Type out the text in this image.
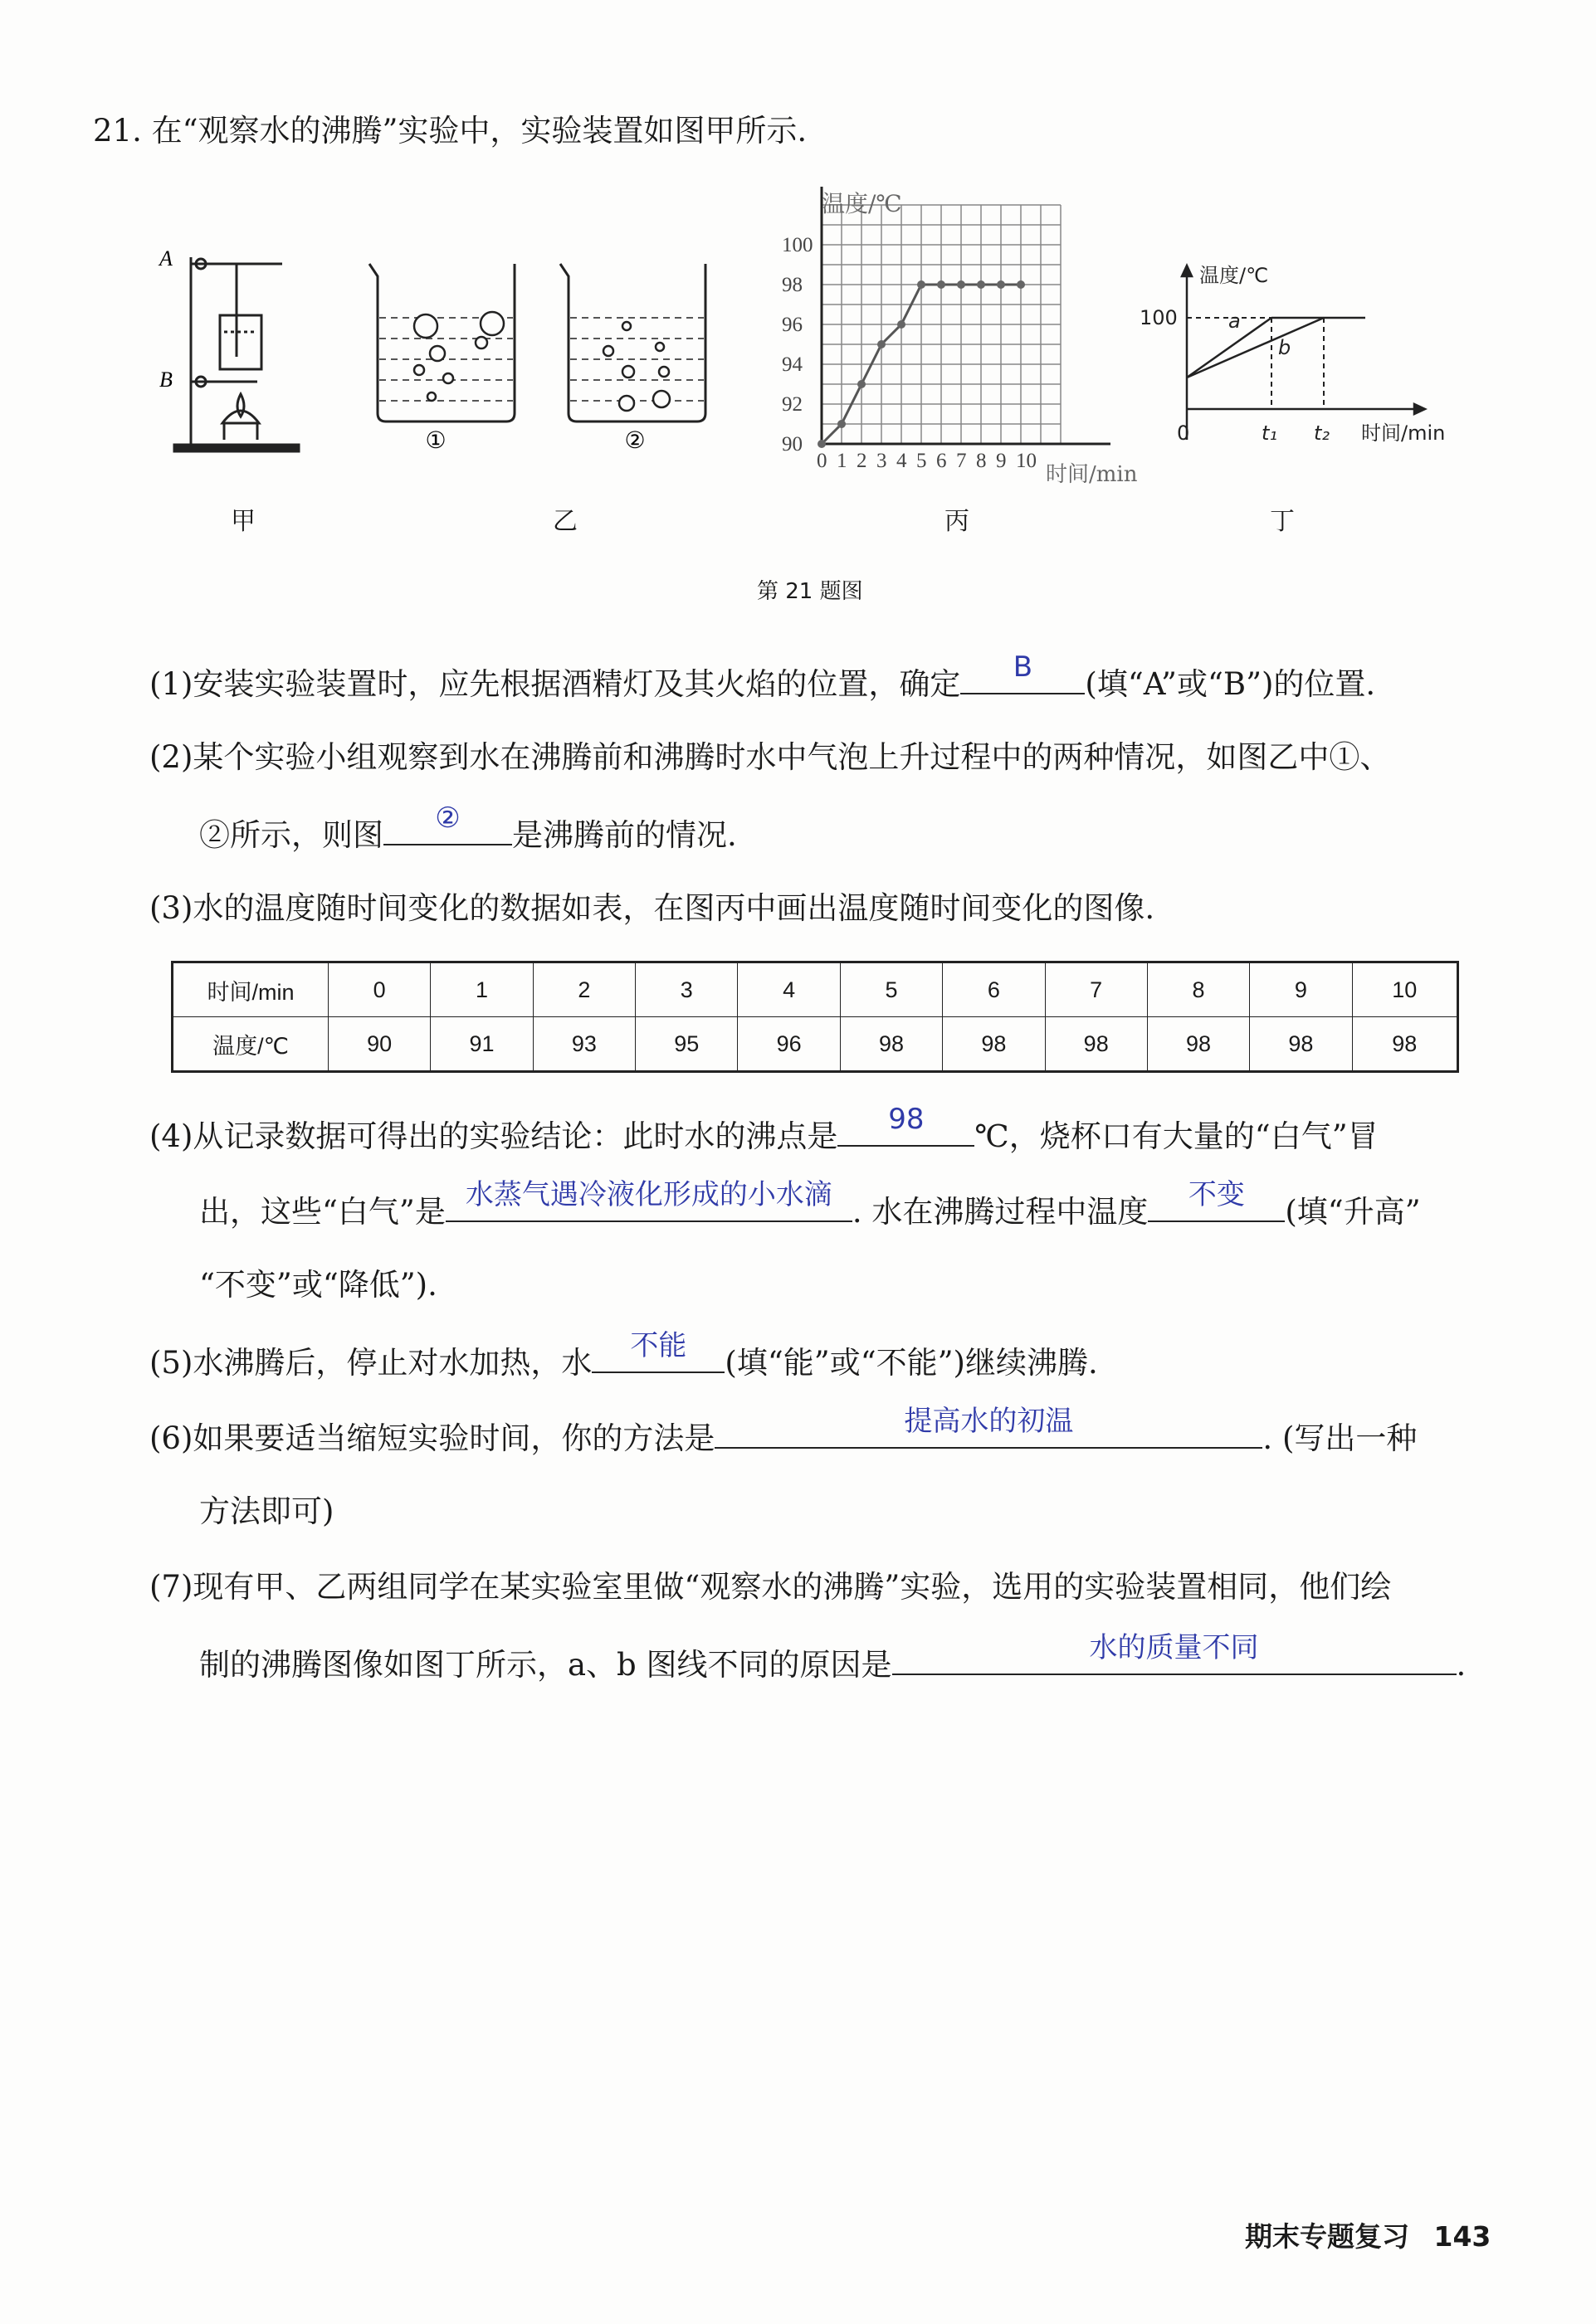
21. 在“观察水的沸腾”实验中，实验装置如图甲所示.
A
B
①	②
0 1 2 3 4 5 6 7 8 9 10
90
92
94
96
98
100
温度/℃
时间/min
温度/℃
100
0	t₁ t₂ 时间/min
a
b
甲	乙	丙	丁
第 21 题图
(1)安装实验装置时，应先根据酒精灯及其火焰的位置，确定	B	(填“A”或“B”)的位置.
(2)某个实验小组观察到水在沸腾前和沸腾时水中气泡上升过程中的两种情况，如图乙中①、
②所示，则图	②	是沸腾前的情况.
(3)水的温度随时间变化的数据如表，在图丙中画出温度随时间变化的图像.
时间/min	0	1	2	3	4	5	6	7	8	9	10
温度/℃	90	91	93	95	96	98	98	98	98	98	98
(4)从记录数据可得出的实验结论：此时水的沸点是	98	℃，烧杯口有大量的“白气”冒
出，这些“白气”是 水蒸气遇冷液化形成的小水滴 . 水在沸腾过程中温度	不变	(填“升高”
“不变”或“降低”).
(5)水沸腾后，停止对水加热，水	不能	(填“能”或“不能”)继续沸腾.
(6)如果要适当缩短实验时间，你的方法是	提高水的初温	. (写出一种
方法即可)
(7)现有甲、乙两组同学在某实验室里做“观察水的沸腾”实验，选用的实验装置相同，他们绘
制的沸腾图像如图丁所示，a、b 图线不同的原因是	水的质量不同	.
期末专题复习 143
